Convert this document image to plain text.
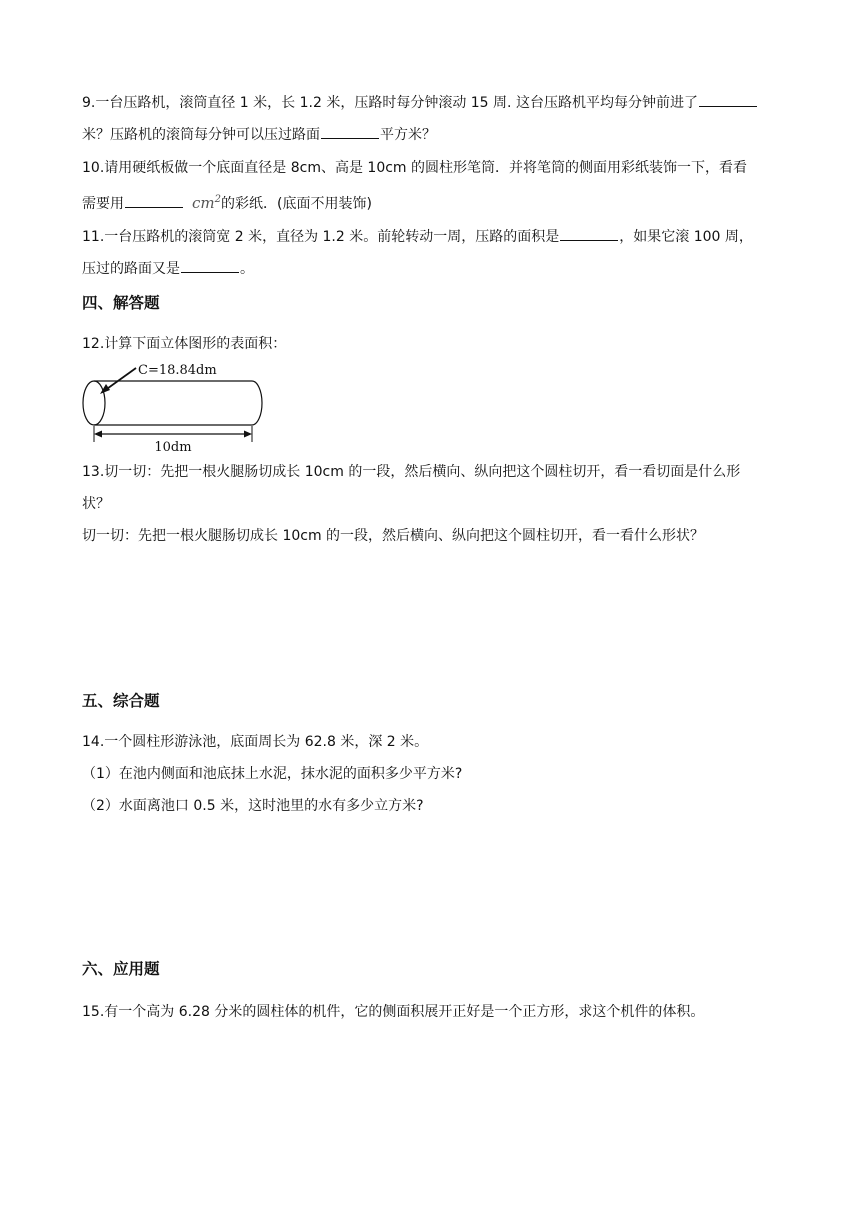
9.一台压路机，滚筒直径 1 米，长 1.2 米，压路时每分钟滚动 15 周. 这台压路机平均每分钟前进了
米？压路机的滚筒每分钟可以压过路面	平方米？
10.请用硬纸板做一个底面直径是 8cm、高是 10cm 的圆柱形笔筒．并将笔筒的侧面用彩纸装饰一下，看看
需要用	$cm^2$的彩纸．(底面不用装饰)
11.一台压路机的滚筒宽 2 米，直径为 1.2 米。前轮转动一周，压路的面积是	，如果它滚 100 周，
压过的路面又是	。
四、解答题
12.计算下面立体图形的表面积：
C=18.84dm
10dm
13.切一切：先把一根火腿肠切成长 10cm 的一段，然后横向、纵向把这个圆柱切开，看一看切面是什么形
状？
切一切：先把一根火腿肠切成长 10cm 的一段，然后横向、纵向把这个圆柱切开，看一看什么形状？
五、综合题
14.一个圆柱形游泳池，底面周长为 62.8 米，深 2 米。
（1）在池内侧面和池底抹上水泥，抹水泥的面积多少平方米?
（2）水面离池口 0.5 米，这时池里的水有多少立方米?
六、应用题
15.有一个高为 6.28 分米的圆柱体的机件，它的侧面积展开正好是一个正方形，求这个机件的体积。
